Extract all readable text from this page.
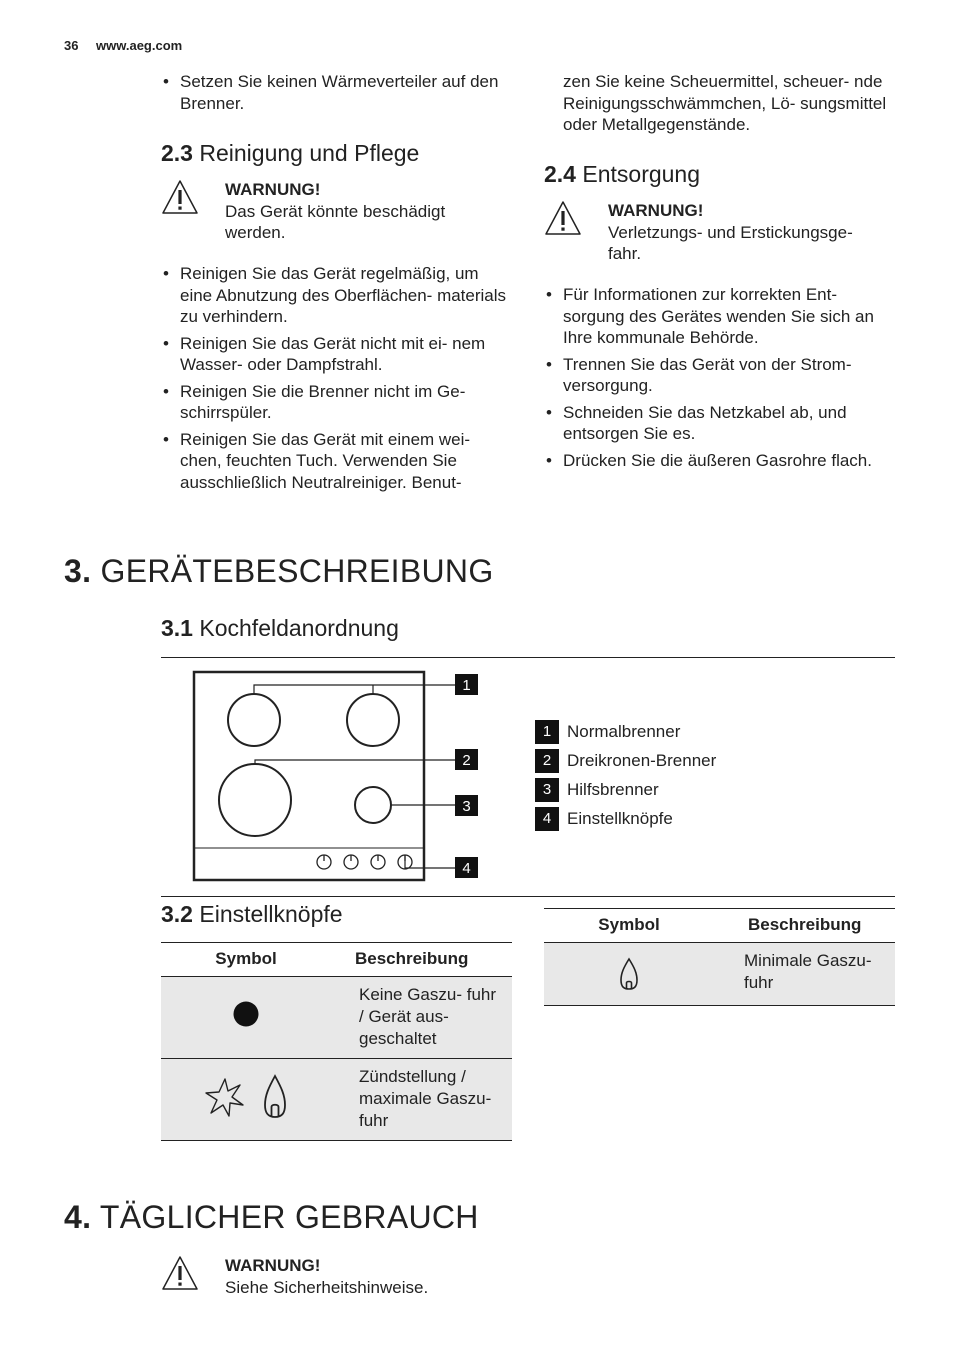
36 www.aeg.com
• Setzen Sie keinen Wärmeverteiler auf den Brenner.
2.3 Reinigung und Pflege
WARNUNG!
Das Gerät könnte beschädigt werden.
• Reinigen Sie das Gerät regelmäßig, um eine Abnutzung des Oberflächen- materials zu verhindern.
• Reinigen Sie das Gerät nicht mit ei- nem Wasser- oder Dampfstrahl.
• Reinigen Sie die Brenner nicht im Ge- schirrspüler.
• Reinigen Sie das Gerät mit einem wei- chen, feuchten Tuch. Verwenden Sie ausschließlich Neutralreiniger. Benut-
zen Sie keine Scheuermittel, scheuer- nde Reinigungsschwämmchen, Lö- sungsmittel oder Metallgegenstände.
2.4 Entsorgung
WARNUNG!
Verletzungs- und Erstickungsge- fahr.
• Für Informationen zur korrekten Ent- sorgung des Gerätes wenden Sie sich an Ihre kommunale Behörde.
• Trennen Sie das Gerät von der Strom- versorgung.
• Schneiden Sie das Netzkabel ab, und entsorgen Sie es.
• Drücken Sie die äußeren Gasrohre flach.
3. GERÄTEBESCHREIBUNG
3.1 Kochfeldanordnung
1
2
3
4
1 Normalbrenner
2 Dreikronen-Brenner
3 Hilfsbrenner
4 Einstellknöpfe
3.2 Einstellknöpfe
Symbol	Beschreibung
	Keine Gaszu- fuhr / Gerät aus- geschaltet
	Zündstellung / maximale Gaszu- fuhr
Symbol	Beschreibung
	Minimale Gaszu- fuhr
4. TÄGLICHER GEBRAUCH
WARNUNG!
Siehe Sicherheitshinweise.
